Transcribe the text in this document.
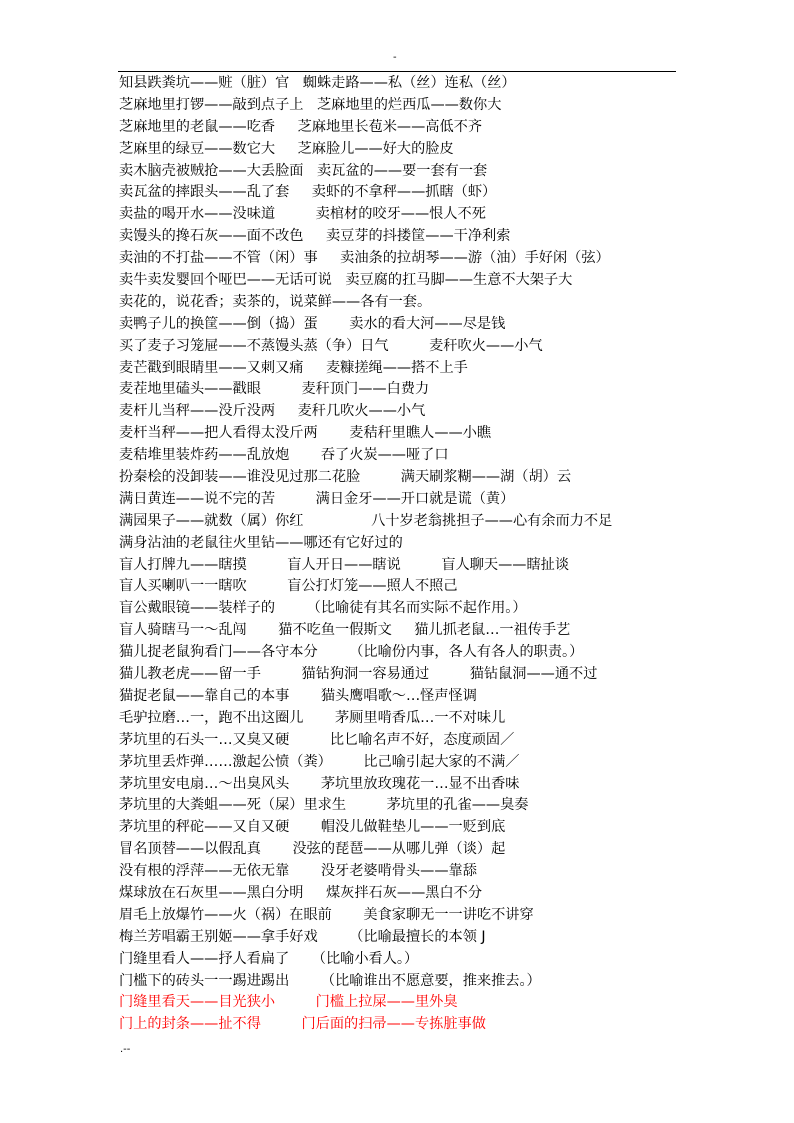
-
知县跌粪坑——赃（脏）官   蜘蛛走路——私（丝）连私（丝）
芝麻地里打锣——敲到点子上   芝麻地里的烂西瓜——数你大
芝麻地里的老鼠——吃香     芝麻地里长苞米——高低不齐
芝麻里的绿豆——数它大     芝麻脸儿——好大的脸皮
卖木脑壳被贼抢——大丢脸面   卖瓦盆的——要一套有一套
卖瓦盆的摔跟头——乱了套     卖虾的不拿秤——抓瞎（虾）
卖盐的喝开水——没味道         卖棺材的咬牙——恨人不死
卖馒头的搀石灰——面不改色     卖豆芽的抖搂筐——干净利索
卖油的不打盐——不管（闲）事     卖油条的拉胡琴——游（油）手好闲（弦）
卖牛卖发婴回个哑巴——无话可说   卖豆腐的扛马脚——生意不大架子大
卖花的，说花香；卖茶的，说菜鲜——各有一套。
卖鸭子儿的换筐——倒（捣）蛋       卖水的看大河——尽是钱
买了麦子习笼屉——不蒸馒头蒸（争）日气         麦秆吹火——小气
麦芒戳到眼睛里——又刺又痛     麦糠搓绳——搭不上手
麦茬地里磕头——戳眼         麦秆顶门——白费力
麦杆儿当秤——没斤没两     麦秆几吹火——小气
麦杆当秤——把人看得太没斤两       麦秸秆里瞧人——小瞧
麦秸堆里装炸药——乱放炮       吞了火炭——哑了口
扮秦桧的没卸装——谁没见过那二花脸         满天刷浆糊——湖（胡）云
满日黄连——说不完的苦         满日金牙——开口就是谎（黄）
满园果子——就数（属）你红               八十岁老翁挑担子——心有余而力不足
满身沾油的老鼠往火里钻——哪还有它好过的
盲人打牌九——瞎摸         盲人开日——瞎说         盲人聊天——瞎扯谈
盲人买喇叭一一瞎吹         盲公打灯笼——照人不照己
盲公戴眼镜——装样子的       （比喻徒有其名而实际不起作用。）
盲人骑瞎马一～乱闯       猫不吃鱼一假斯文     猫儿抓老鼠…一祖传手艺
猫儿捉老鼠狗看门——各守本分       （比喻份内事，各人有各人的职责。）
猫儿教老虎——留一手         猫钻狗洞一容易通过         猫钻鼠洞——通不过
猫捉老鼠——靠自己的本事       猫头鹰唱歌～…怪声怪调
毛驴拉磨…一，跑不出这圈儿       茅厕里啃香瓜…一不对味儿
茅坑里的石头一…又臭又硬         比匕喻名声不好，态度顽固／
茅坑里丢炸弹……激起公愤（粪）       比己喻引起大家的不满／
茅坑里安电扇…～出臭风头       茅坑里放玫瑰花一…显不出香味
茅坑里的大粪蛆——死（屎）里求生         茅坑里的孔雀——臭奏
茅坑里的秤砣——又自又硬       帽没儿做鞋垫儿——一贬到底
冒名顶替——以假乱真       没弦的琵琶——从哪儿弹（谈）起
没有根的浮萍——无依无靠       没牙老婆啃骨头——靠舔
煤球放在石灰里——黑白分明     煤灰拌石灰——黑白不分
眉毛上放爆竹——火（祸）在眼前       美食家聊无一一讲吃不讲穿
梅兰芳唱霸王别姬——拿手好戏       （比喻最擅长的本领 J
门缝里看人——抒人看扁了     （比喻小看人。）
门槛下的砖头一一踢进踢出       （比喻谁出不愿意要，推来推去。）
门缝里看天——目光狭小         门槛上拉屎——里外臭
门上的封条——扯不得         门后面的扫帚——专拣脏事做
.--
